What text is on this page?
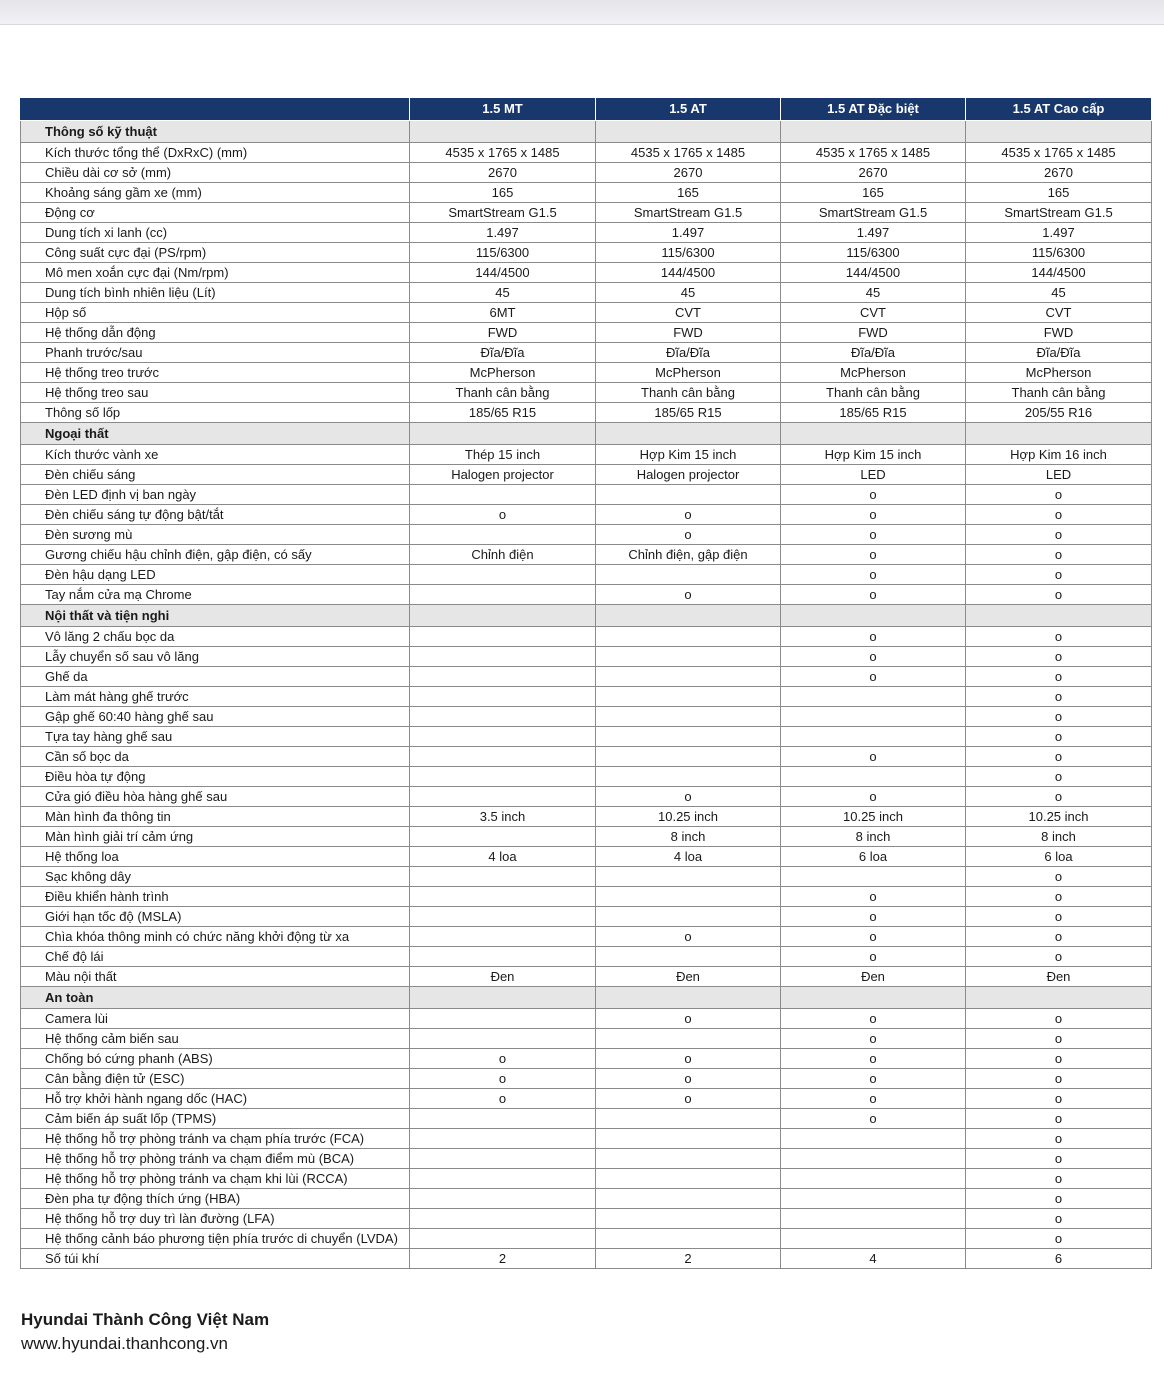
	1.5 MT	1.5 AT	1.5 AT Đặc biệt	1.5 AT Cao cấp
Thông số kỹ thuật				
Kích thước tổng thể (DxRxC) (mm)	4535 x 1765 x 1485	4535 x 1765 x 1485	4535 x 1765 x 1485	4535 x 1765 x 1485
Chiều dài cơ sở (mm)	2670	2670	2670	2670
Khoảng sáng gầm xe (mm)	165	165	165	165
Động cơ	SmartStream G1.5	SmartStream G1.5	SmartStream G1.5	SmartStream G1.5
Dung tích xi lanh (cc)	1.497	1.497	1.497	1.497
Công suất cực đại (PS/rpm)	115/6300	115/6300	115/6300	115/6300
Mô men xoắn cực đại (Nm/rpm)	144/4500	144/4500	144/4500	144/4500
Dung tích bình nhiên liệu (Lít)	45	45	45	45
Hộp số	6MT	CVT	CVT	CVT
Hệ thống dẫn động	FWD	FWD	FWD	FWD
Phanh trước/sau	Đĩa/Đĩa	Đĩa/Đĩa	Đĩa/Đĩa	Đĩa/Đĩa
Hệ thống treo trước	McPherson	McPherson	McPherson	McPherson
Hệ thống treo sau	Thanh cân bằng	Thanh cân bằng	Thanh cân bằng	Thanh cân bằng
Thông số lốp	185/65 R15	185/65 R15	185/65 R15	205/55 R16
Ngoại thất				
Kích thước vành xe	Thép 15 inch	Hợp Kim 15 inch	Hợp Kim 15 inch	Hợp Kim 16 inch
Đèn chiếu sáng	Halogen projector	Halogen projector	LED	LED
Đèn LED định vị ban ngày			o	o
Đèn chiếu sáng tự động bật/tắt	o	o	o	o
Đèn sương mù		o	o	o
Gương chiếu hậu chỉnh điện, gập điện, có sấy	Chỉnh điện	Chỉnh điện, gập điện	o	o
Đèn hậu dạng LED			o	o
Tay nắm cửa mạ Chrome		o	o	o
Nội thất và tiện nghi				
Vô lăng 2 chấu bọc da			o	o
Lẫy chuyển số sau vô lăng			o	o
Ghế da			o	o
Làm mát hàng ghế trước				o
Gập ghế 60:40 hàng ghế sau				o
Tựa tay hàng ghế sau				o
Cần số bọc da			o	o
Điều hòa tự động				o
Cửa gió điều hòa hàng ghế sau		o	o	o
Màn hình đa thông tin	3.5 inch	10.25 inch	10.25 inch	10.25 inch
Màn hình giải trí cảm ứng		8 inch	8 inch	8 inch
Hệ thống loa	4 loa	4 loa	6 loa	6 loa
Sạc không dây				o
Điều khiển hành trình			o	o
Giới hạn tốc độ (MSLA)			o	o
Chìa khóa thông minh có chức năng khởi động từ xa		o	o	o
Chế độ lái			o	o
Màu nội thất	Đen	Đen	Đen	Đen
An toàn				
Camera lùi		o	o	o
Hệ thống cảm biến sau			o	o
Chống bó cứng phanh (ABS)	o	o	o	o
Cân bằng điện tử (ESC)	o	o	o	o
Hỗ trợ khởi hành ngang dốc (HAC)	o	o	o	o
Cảm biến áp suất lốp (TPMS)			o	o
Hệ thống hỗ trợ phòng tránh va chạm phía trước (FCA)				o
Hệ thống hỗ trợ phòng tránh va chạm điểm mù (BCA)				o
Hệ thống hỗ trợ phòng tránh va chạm khi lùi (RCCA)				o
Đèn pha tự động thích ứng (HBA)				o
Hệ thống hỗ trợ duy trì làn đường (LFA)				o
Hệ thống cảnh báo phương tiện phía trước di chuyển (LVDA)				o
Số túi khí	2	2	4	6
Hyundai Thành Công Việt Nam
www.hyundai.thanhcong.vn
